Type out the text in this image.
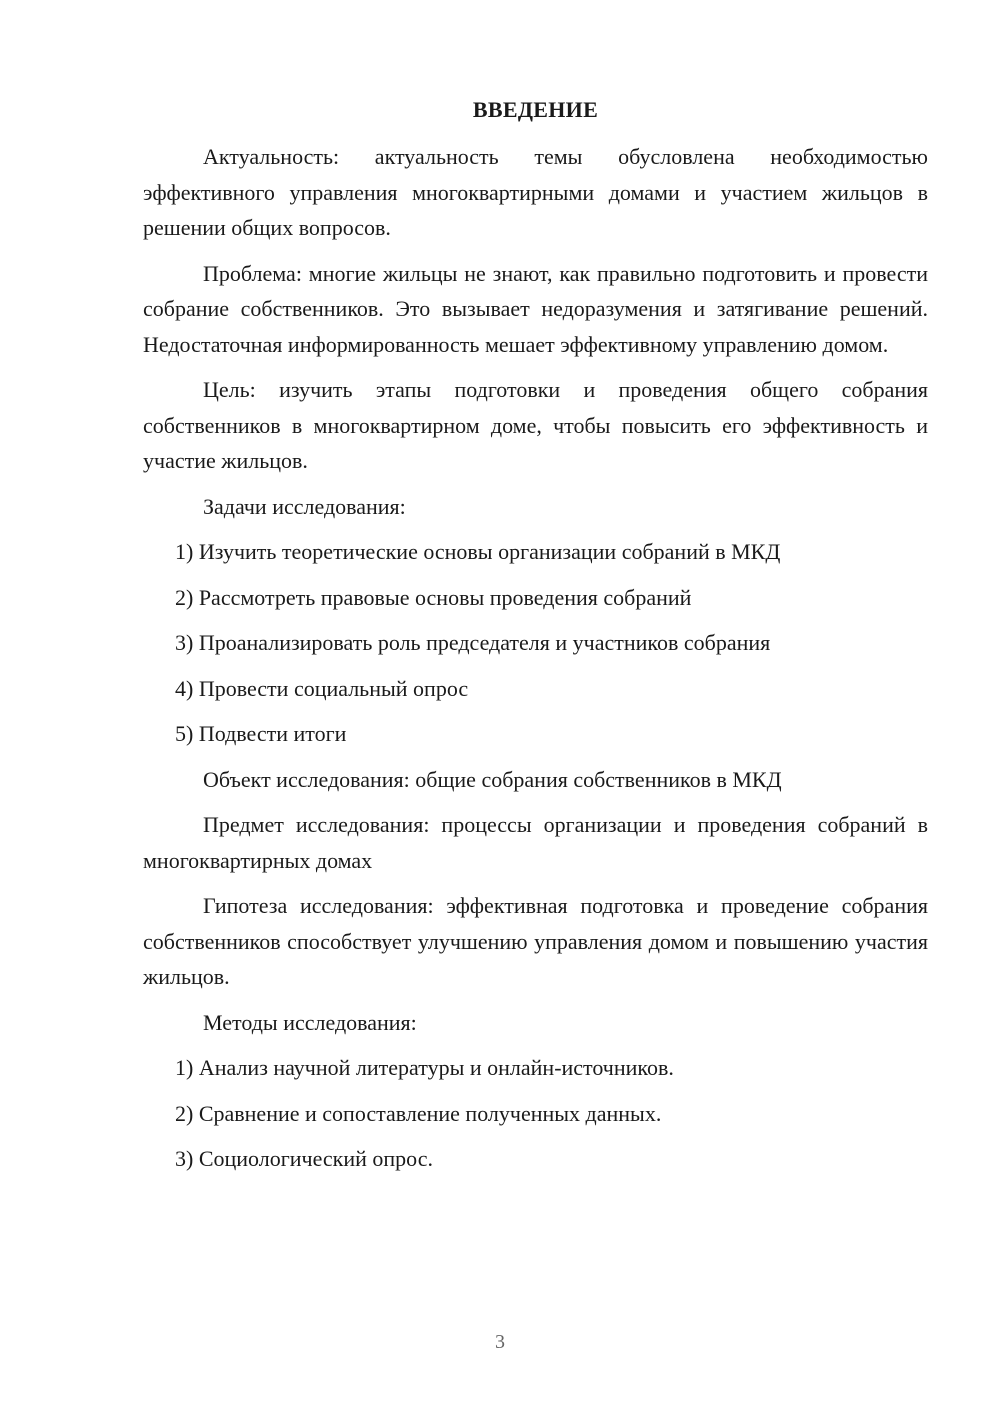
ВВЕДЕНИЕ

Актуальность: актуальность темы обусловлена необходимостью эффективного управления многоквартирными домами и участием жильцов в решении общих вопросов.

Проблема: многие жильцы не знают, как правильно подготовить и провести собрание собственников. Это вызывает недоразумения и затягивание решений. Недостаточная информированность мешает эффективному управлению домом.

Цель: изучить этапы подготовки и проведения общего собрания собственников в многоквартирном доме, чтобы повысить его эффективность и участие жильцов.

Задачи исследования:

1) Изучить теоретические основы организации собраний в МКД

2) Рассмотреть правовые основы проведения собраний

3) Проанализировать роль председателя и участников собрания

4) Провести социальный опрос

5) Подвести итоги

Объект исследования: общие собрания собственников в МКД

Предмет исследования: процессы организации и проведения собраний в многоквартирных домах

Гипотеза исследования: эффективная подготовка и проведение собрания собственников способствует улучшению управления домом и повышению участия жильцов.

Методы исследования:

1) Анализ научной литературы и онлайн-источников.

2) Сравнение и сопоставление полученных данных.

3) Социологический опрос.

3
